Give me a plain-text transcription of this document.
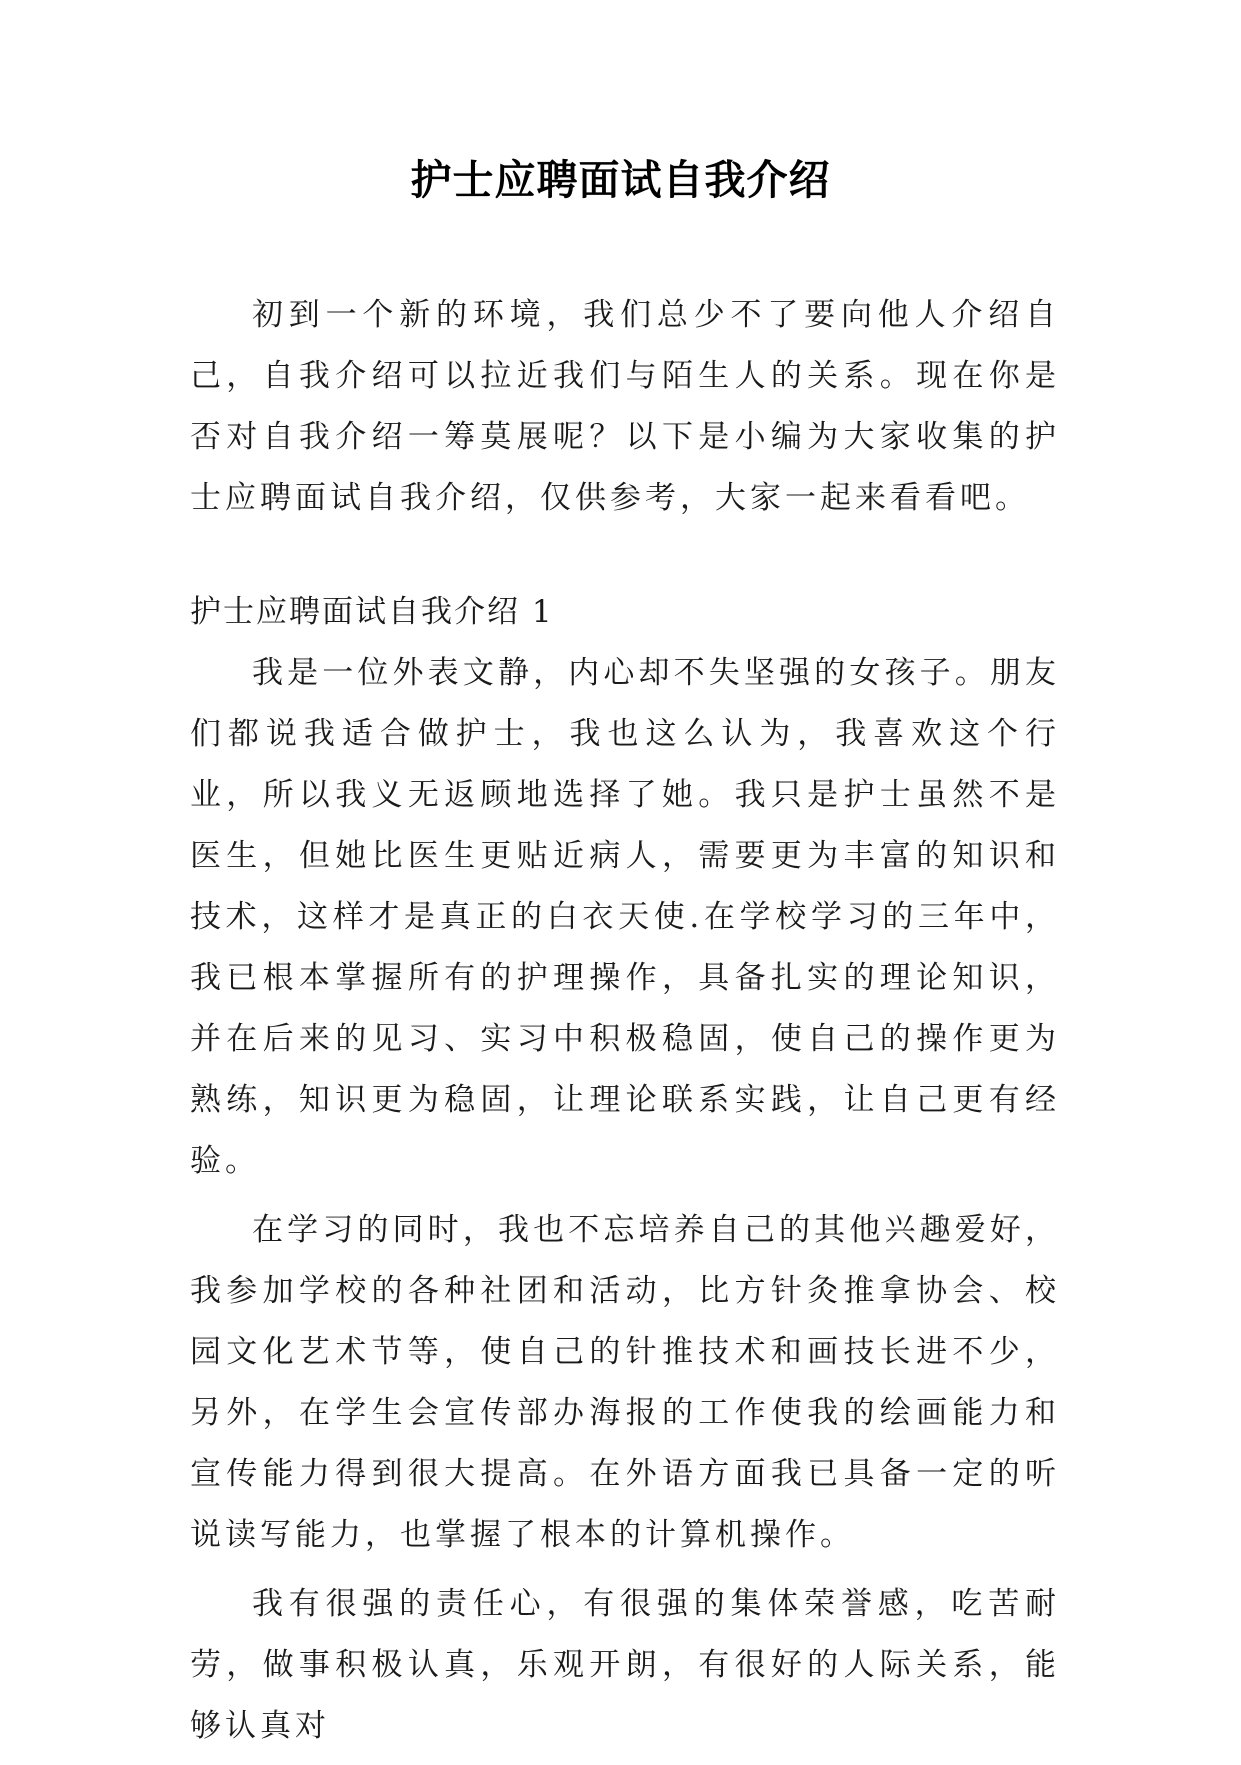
护士应聘面试自我介绍

初到一个新的环境，我们总少不了要向他人介绍自己，自我介绍可以拉近我们与陌生人的关系。现在你是否对自我介绍一筹莫展呢？以下是小编为大家收集的护士应聘面试自我介绍，仅供参考，大家一起来看看吧。

护士应聘面试自我介绍 1

我是一位外表文静，内心却不失坚强的女孩子。朋友们都说我适合做护士，我也这么认为，我喜欢这个行业，所以我义无返顾地选择了她。我只是护士虽然不是医生，但她比医生更贴近病人，需要更为丰富的知识和技术，这样才是真正的白衣天使.在学校学习的三年中，我已根本掌握所有的护理操作，具备扎实的理论知识，并在后来的见习、实习中积极稳固，使自己的操作更为熟练，知识更为稳固，让理论联系实践，让自己更有经验。

在学习的同时，我也不忘培养自己的其他兴趣爱好，我参加学校的各种社团和活动，比方针灸推拿协会、校园文化艺术节等，使自己的针推技术和画技长进不少，另外，在学生会宣传部办海报的工作使我的绘画能力和宣传能力得到很大提高。在外语方面我已具备一定的听说读写能力，也掌握了根本的计算机操作。

我有很强的责任心，有很强的集体荣誉感，吃苦耐劳，做事积极认真，乐观开朗，有很好的人际关系，能够认真对
